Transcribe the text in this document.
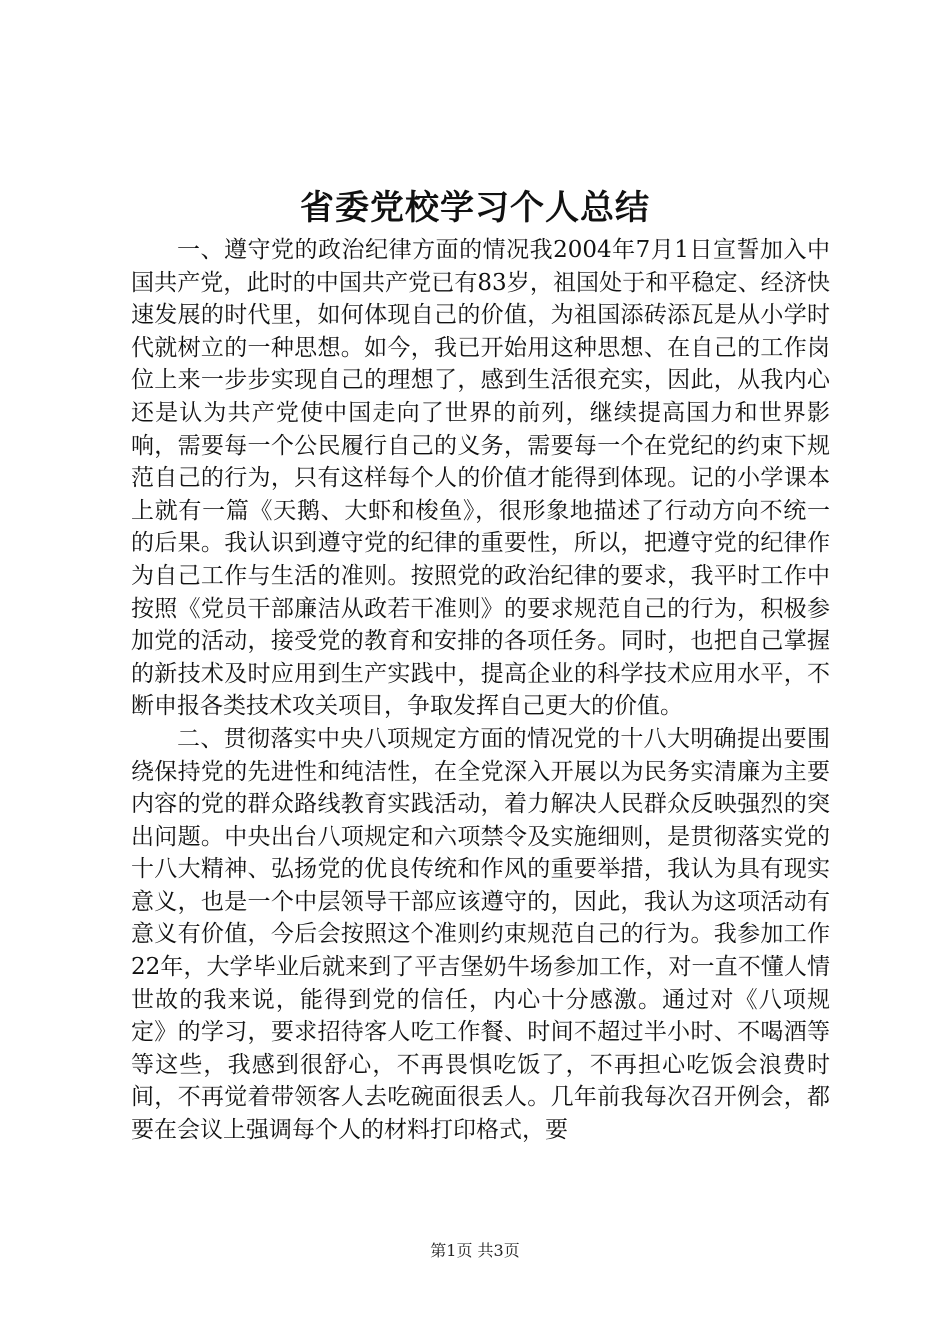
省委党校学习个人总结

一、遵守党的政治纪律方面的情况我2004年7月1日宣誓加入中国共产党，此时的中国共产党已有83岁，祖国处于和平稳定、经济快速发展的时代里，如何体现自己的价值，为祖国添砖添瓦是从小学时代就树立的一种思想。如今，我已开始用这种思想、在自己的工作岗位上来一步步实现自己的理想了，感到生活很充实，因此，从我内心还是认为共产党使中国走向了世界的前列，继续提高国力和世界影响，需要每一个公民履行自己的义务，需要每一个在党纪的约束下规范自己的行为，只有这样每个人的价值才能得到体现。记的小学课本上就有一篇《天鹅、大虾和梭鱼》，很形象地描述了行动方向不统一的后果。我认识到遵守党的纪律的重要性，所以，把遵守党的纪律作为自己工作与生活的准则。按照党的政治纪律的要求，我平时工作中按照《党员干部廉洁从政若干准则》的要求规范自己的行为，积极参加党的活动，接受党的教育和安排的各项任务。同时，也把自己掌握的新技术及时应用到生产实践中，提高企业的科学技术应用水平，不断申报各类技术攻关项目，争取发挥自己更大的价值。

二、贯彻落实中央八项规定方面的情况党的十八大明确提出要围绕保持党的先进性和纯洁性，在全党深入开展以为民务实清廉为主要内容的党的群众路线教育实践活动，着力解决人民群众反映强烈的突出问题。中央出台八项规定和六项禁令及实施细则，是贯彻落实党的十八大精神、弘扬党的优良传统和作风的重要举措，我认为具有现实意义，也是一个中层领导干部应该遵守的，因此，我认为这项活动有意义有价值，今后会按照这个准则约束规范自己的行为。我参加工作22年，大学毕业后就来到了平吉堡奶牛场参加工作，对一直不懂人情世故的我来说，能得到党的信任，内心十分感激。通过对《八项规定》的学习，要求招待客人吃工作餐、时间不超过半小时、不喝酒等等这些，我感到很舒心，不再畏惧吃饭了，不再担心吃饭会浪费时间，不再觉着带领客人去吃碗面很丢人。几年前我每次召开例会，都要在会议上强调每个人的材料打印格式，要

第1页 共3页
